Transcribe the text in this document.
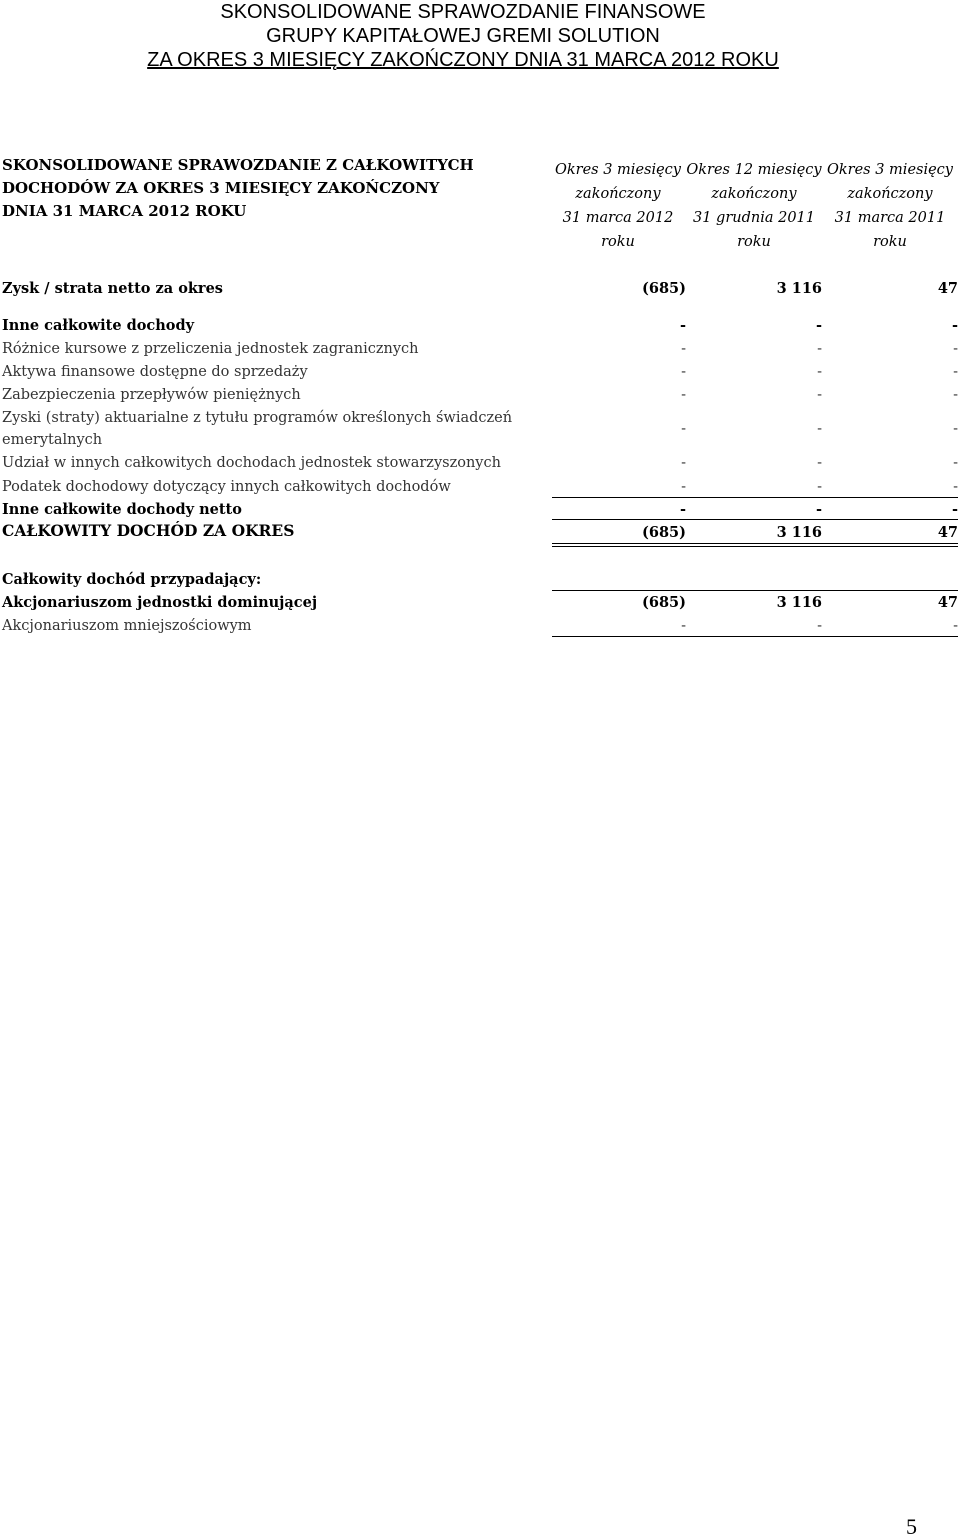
SKONSOLIDOWANE SPRAWOZDANIE FINANSOWE
GRUPY KAPITAŁOWEJ GREMI SOLUTION
ZA OKRES 3 MIESIĘCY ZAKOŃCZONY DNIA 31 MARCA 2012 ROKU
SKONSOLIDOWANE SPRAWOZDANIE Z CAŁKOWITYCH
DOCHODÓW ZA OKRES 3 MIESIĘCY ZAKOŃCZONY
DNIA 31 MARCA 2012 ROKU
Okres 3 miesięcy
zakończony
31 marca 2012
roku
Okres 12 miesięcy
zakończony
31 grudnia 2011
roku
Okres 3 miesięcy
zakończony
31 marca 2011
roku
Zysk / strata netto za okres	(685)	3 116	47
Inne całkowite dochody	-	-	-
Różnice kursowe z przeliczenia jednostek zagranicznych	-	-	-
Aktywa finansowe dostępne do sprzedaży	-	-	-
Zabezpieczenia przepływów pieniężnych	-	-	-
Zyski (straty) aktuarialne z tytułu programów określonych świadczeń
emerytalnych
-	-	-
Udział w innych całkowitych dochodach jednostek stowarzyszonych	-	-	-
Podatek dochodowy dotyczący innych całkowitych dochodów	-	-	-
Inne całkowite dochody netto	-	-	-
CAŁKOWITY DOCHÓD ZA OKRES	(685)	3 116	47
Całkowity dochód przypadający:
Akcjonariuszom jednostki dominującej	(685)	3 116	47
Akcjonariuszom mniejszościowym	-	-	-
5
